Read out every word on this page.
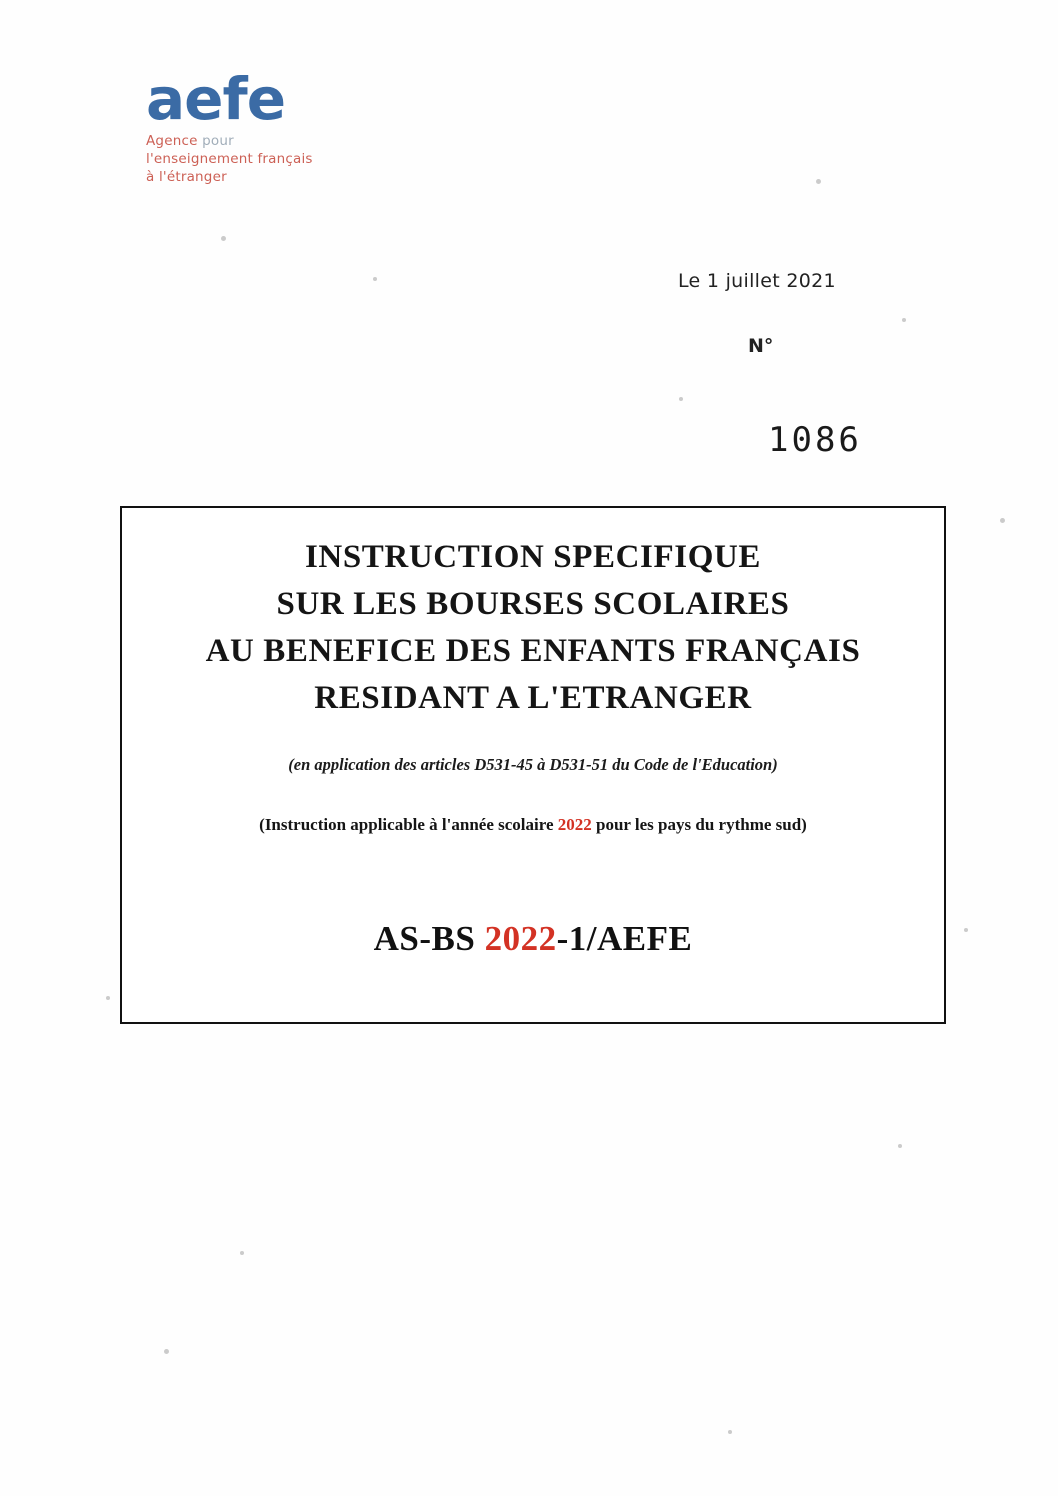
aefe
Agence pour
l'enseignement français
à l'étranger
Le 1 juillet 2021
N°
1086
INSTRUCTION SPECIFIQUE
SUR LES BOURSES SCOLAIRES
AU BENEFICE DES ENFANTS FRANÇAIS
RESIDANT A L'ETRANGER
(en application des articles D531-45 à D531-51 du Code de l'Education)
(Instruction applicable à l'année scolaire 2022 pour les pays du rythme sud)
AS-BS 2022-1/AEFE
